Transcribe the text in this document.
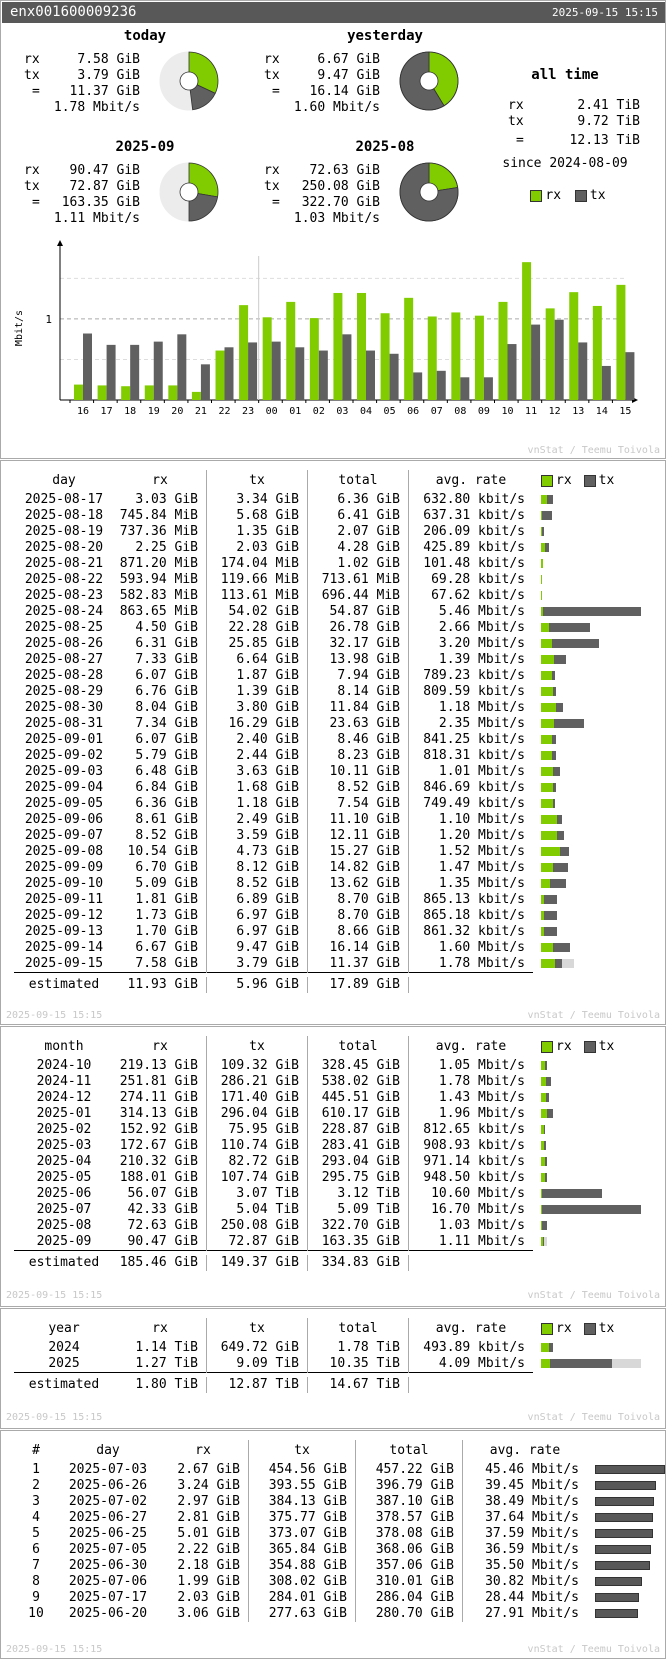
enx001600009236	2025-09-15 15:15
today
rx	7.58 GiB
tx	3.79 GiB
= 11.37 GiB
1.78 Mbit/s
yesterday
rx	6.67 GiB
tx	9.47 GiB
= 16.14 GiB
1.60 Mbit/s
2025-09
rx 90.47 GiB
tx 72.87 GiB
= 163.35 GiB
1.11 Mbit/s
2025-08
rx 72.63 GiB
tx 250.08 GiB
= 322.70 GiB
1.03 Mbit/s
all time
rx	2.41 TiB
tx	9.72 TiB
=	12.13 TiB
since 2024-08-09
rx tx
Mbit/s 1
16 17 18 19 20 21 22 23 00 01 02 03 04 05 06 07 08 09 10 11 12 13 14 15
vnStat / Teemu Toivola
day	rx	tx	total	avg. rate	rx tx
2025-08-17	3.03 GiB	3.34 GiB	6.36 GiB	632.80 kbit/s	
2025-08-18	745.84 MiB	5.68 GiB	6.41 GiB	637.31 kbit/s	
2025-08-19	737.36 MiB	1.35 GiB	2.07 GiB	206.09 kbit/s	
2025-08-20	2.25 GiB	2.03 GiB	4.28 GiB	425.89 kbit/s	
2025-08-21	871.20 MiB	174.04 MiB	1.02 GiB	101.48 kbit/s	
2025-08-22	593.94 MiB	119.66 MiB	713.61 MiB	69.28 kbit/s	
2025-08-23	582.83 MiB	113.61 MiB	696.44 MiB	67.62 kbit/s	
2025-08-24	863.65 MiB	54.02 GiB	54.87 GiB	5.46 Mbit/s	
2025-08-25	4.50 GiB	22.28 GiB	26.78 GiB	2.66 Mbit/s	
2025-08-26	6.31 GiB	25.85 GiB	32.17 GiB	3.20 Mbit/s	
2025-08-27	7.33 GiB	6.64 GiB	13.98 GiB	1.39 Mbit/s	
2025-08-28	6.07 GiB	1.87 GiB	7.94 GiB	789.23 kbit/s	
2025-08-29	6.76 GiB	1.39 GiB	8.14 GiB	809.59 kbit/s	
2025-08-30	8.04 GiB	3.80 GiB	11.84 GiB	1.18 Mbit/s	
2025-08-31	7.34 GiB	16.29 GiB	23.63 GiB	2.35 Mbit/s	
2025-09-01	6.07 GiB	2.40 GiB	8.46 GiB	841.25 kbit/s	
2025-09-02	5.79 GiB	2.44 GiB	8.23 GiB	818.31 kbit/s	
2025-09-03	6.48 GiB	3.63 GiB	10.11 GiB	1.01 Mbit/s	
2025-09-04	6.84 GiB	1.68 GiB	8.52 GiB	846.69 kbit/s	
2025-09-05	6.36 GiB	1.18 GiB	7.54 GiB	749.49 kbit/s	
2025-09-06	8.61 GiB	2.49 GiB	11.10 GiB	1.10 Mbit/s	
2025-09-07	8.52 GiB	3.59 GiB	12.11 GiB	1.20 Mbit/s	
2025-09-08	10.54 GiB	4.73 GiB	15.27 GiB	1.52 Mbit/s	
2025-09-09	6.70 GiB	8.12 GiB	14.82 GiB	1.47 Mbit/s	
2025-09-10	5.09 GiB	8.52 GiB	13.62 GiB	1.35 Mbit/s	
2025-09-11	1.81 GiB	6.89 GiB	8.70 GiB	865.13 kbit/s	
2025-09-12	1.73 GiB	6.97 GiB	8.70 GiB	865.18 kbit/s	
2025-09-13	1.70 GiB	6.97 GiB	8.66 GiB	861.32 kbit/s	
2025-09-14	6.67 GiB	9.47 GiB	16.14 GiB	1.60 Mbit/s	
2025-09-15	7.58 GiB	3.79 GiB	11.37 GiB	1.78 Mbit/s	

estimated	11.93 GiB	5.96 GiB	17.89 GiB		
2025-09-15 15:15	vnStat / Teemu Toivola
month	rx	tx	total	avg. rate	rx tx
2024-10	219.13 GiB	109.32 GiB	328.45 GiB	1.05 Mbit/s	
2024-11	251.81 GiB	286.21 GiB	538.02 GiB	1.78 Mbit/s	
2024-12	274.11 GiB	171.40 GiB	445.51 GiB	1.43 Mbit/s	
2025-01	314.13 GiB	296.04 GiB	610.17 GiB	1.96 Mbit/s	
2025-02	152.92 GiB	75.95 GiB	228.87 GiB	812.65 kbit/s	
2025-03	172.67 GiB	110.74 GiB	283.41 GiB	908.93 kbit/s	
2025-04	210.32 GiB	82.72 GiB	293.04 GiB	971.14 kbit/s	
2025-05	188.01 GiB	107.74 GiB	295.75 GiB	948.50 kbit/s	
2025-06	56.07 GiB	3.07 TiB	3.12 TiB	10.60 Mbit/s	
2025-07	42.33 GiB	5.04 TiB	5.09 TiB	16.70 Mbit/s	
2025-08	72.63 GiB	250.08 GiB	322.70 GiB	1.03 Mbit/s	
2025-09	90.47 GiB	72.87 GiB	163.35 GiB	1.11 Mbit/s	

estimated	185.46 GiB	149.37 GiB	334.83 GiB		
2025-09-15 15:15	vnStat / Teemu Toivola
year	rx	tx	total	avg. rate	rx tx
2024	1.14 TiB	649.72 GiB	1.78 TiB	493.89 kbit/s	
2025	1.27 TiB	9.09 TiB	10.35 TiB	4.09 Mbit/s	

estimated	1.80 TiB	12.87 TiB	14.67 TiB		
2025-09-15 15:15	vnStat / Teemu Toivola
#	day	rx	tx	total	avg. rate	
1	2025-07-03	2.67 GiB	454.56 GiB	457.22 GiB	45.46 Mbit/s	
2	2025-06-26	3.24 GiB	393.55 GiB	396.79 GiB	39.45 Mbit/s	
3	2025-07-02	2.97 GiB	384.13 GiB	387.10 GiB	38.49 Mbit/s	
4	2025-06-27	2.81 GiB	375.77 GiB	378.57 GiB	37.64 Mbit/s	
5	2025-06-25	5.01 GiB	373.07 GiB	378.08 GiB	37.59 Mbit/s	
6	2025-07-05	2.22 GiB	365.84 GiB	368.06 GiB	36.59 Mbit/s	
7	2025-06-30	2.18 GiB	354.88 GiB	357.06 GiB	35.50 Mbit/s	
8	2025-07-06	1.99 GiB	308.02 GiB	310.01 GiB	30.82 Mbit/s	
9	2025-07-17	2.03 GiB	284.01 GiB	286.04 GiB	28.44 Mbit/s	
10	2025-06-20	3.06 GiB	277.63 GiB	280.70 GiB	27.91 Mbit/s	
2025-09-15 15:15	vnStat / Teemu Toivola
